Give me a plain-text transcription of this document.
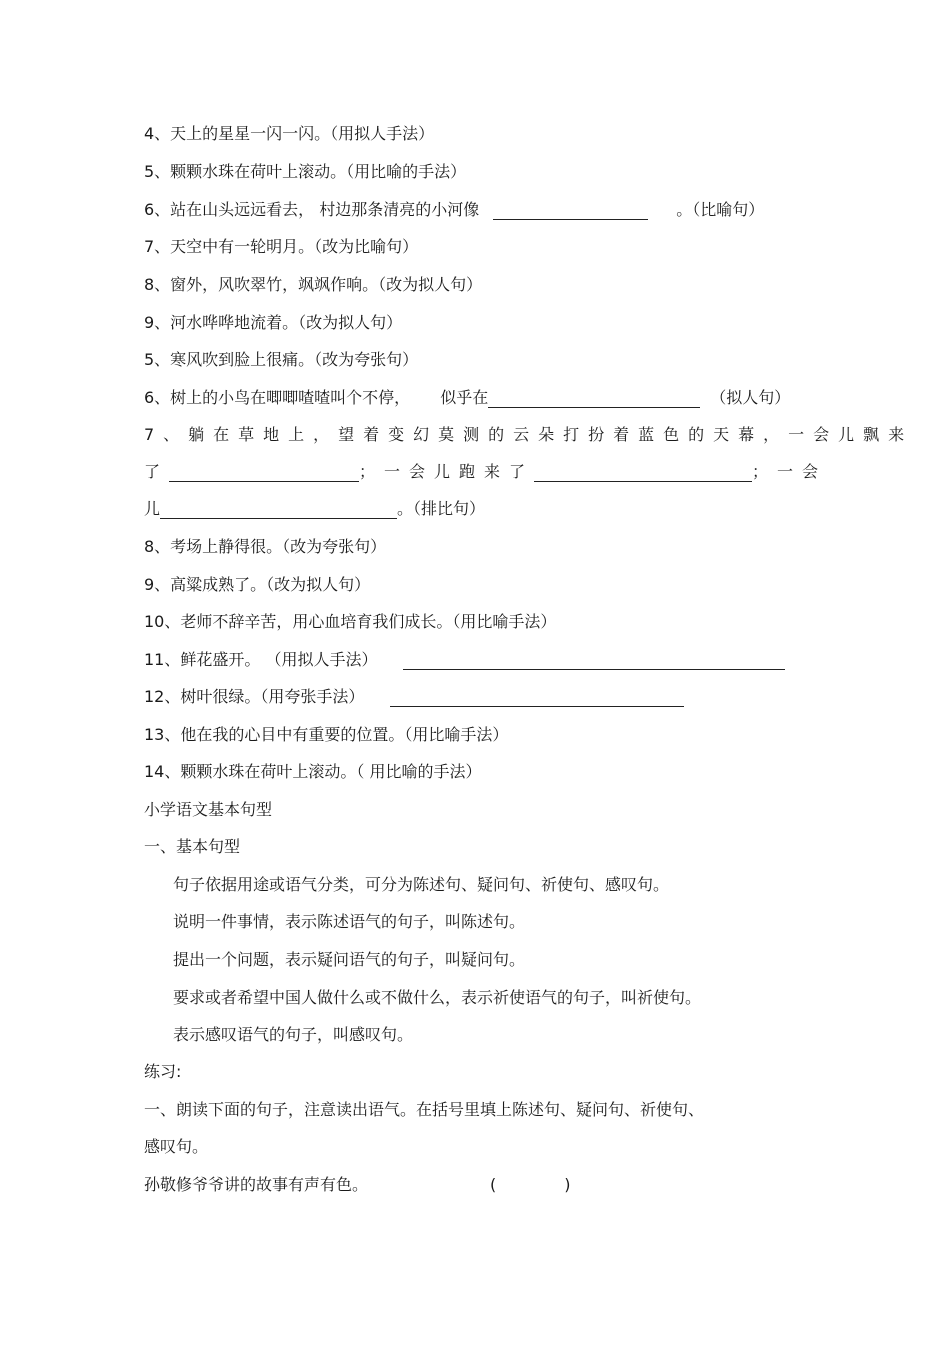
4、天上的星星一闪一闪。（用拟人手法）
5、颗颗水珠在荷叶上滚动。（用比喻的手法）
6、站在山头远远看去， 村边那条清亮的小河像	。（比喻句）
7、天空中有一轮明月。（改为比喻句）
8、窗外，风吹翠竹，飒飒作响。（改为拟人句）
9、河水哗哗地流着。（改为拟人句）
5、寒风吹到脸上很痛。（改为夸张句）
6、树上的小鸟在唧唧喳喳叫个不停， 似乎在	（拟人句）
7、躺在草地上，望着变幻莫测的云朵打扮着蓝色的天幕，一会儿飘来
了	；一会儿跑来了	；一会
儿	。（排比句）
8、考场上静得很。（改为夸张句）
9、高粱成熟了。（改为拟人句）
10、老师不辞辛苦，用心血培育我们成长。（用比喻手法）
11、鲜花盛开。 （用拟人手法）
12、树叶很绿。（用夸张手法）
13、他在我的心目中有重要的位置。（用比喻手法）
14、颗颗水珠在荷叶上滚动。（ 用比喻的手法）
小学语文基本句型
一、基本句型
句子依据用途或语气分类，可分为陈述句、疑问句、祈使句、感叹句。
说明一件事情，表示陈述语气的句子，叫陈述句。
提出一个问题，表示疑问语气的句子，叫疑问句。
要求或者希望中国人做什么或不做什么，表示祈使语气的句子，叫祈使句。
表示感叹语气的句子，叫感叹句。
练习:
一、朗读下面的句子，注意读出语气。在括号里填上陈述句、疑问句、祈使句、
感叹句。
孙敬修爷爷讲的故事有声有色。	(	)
